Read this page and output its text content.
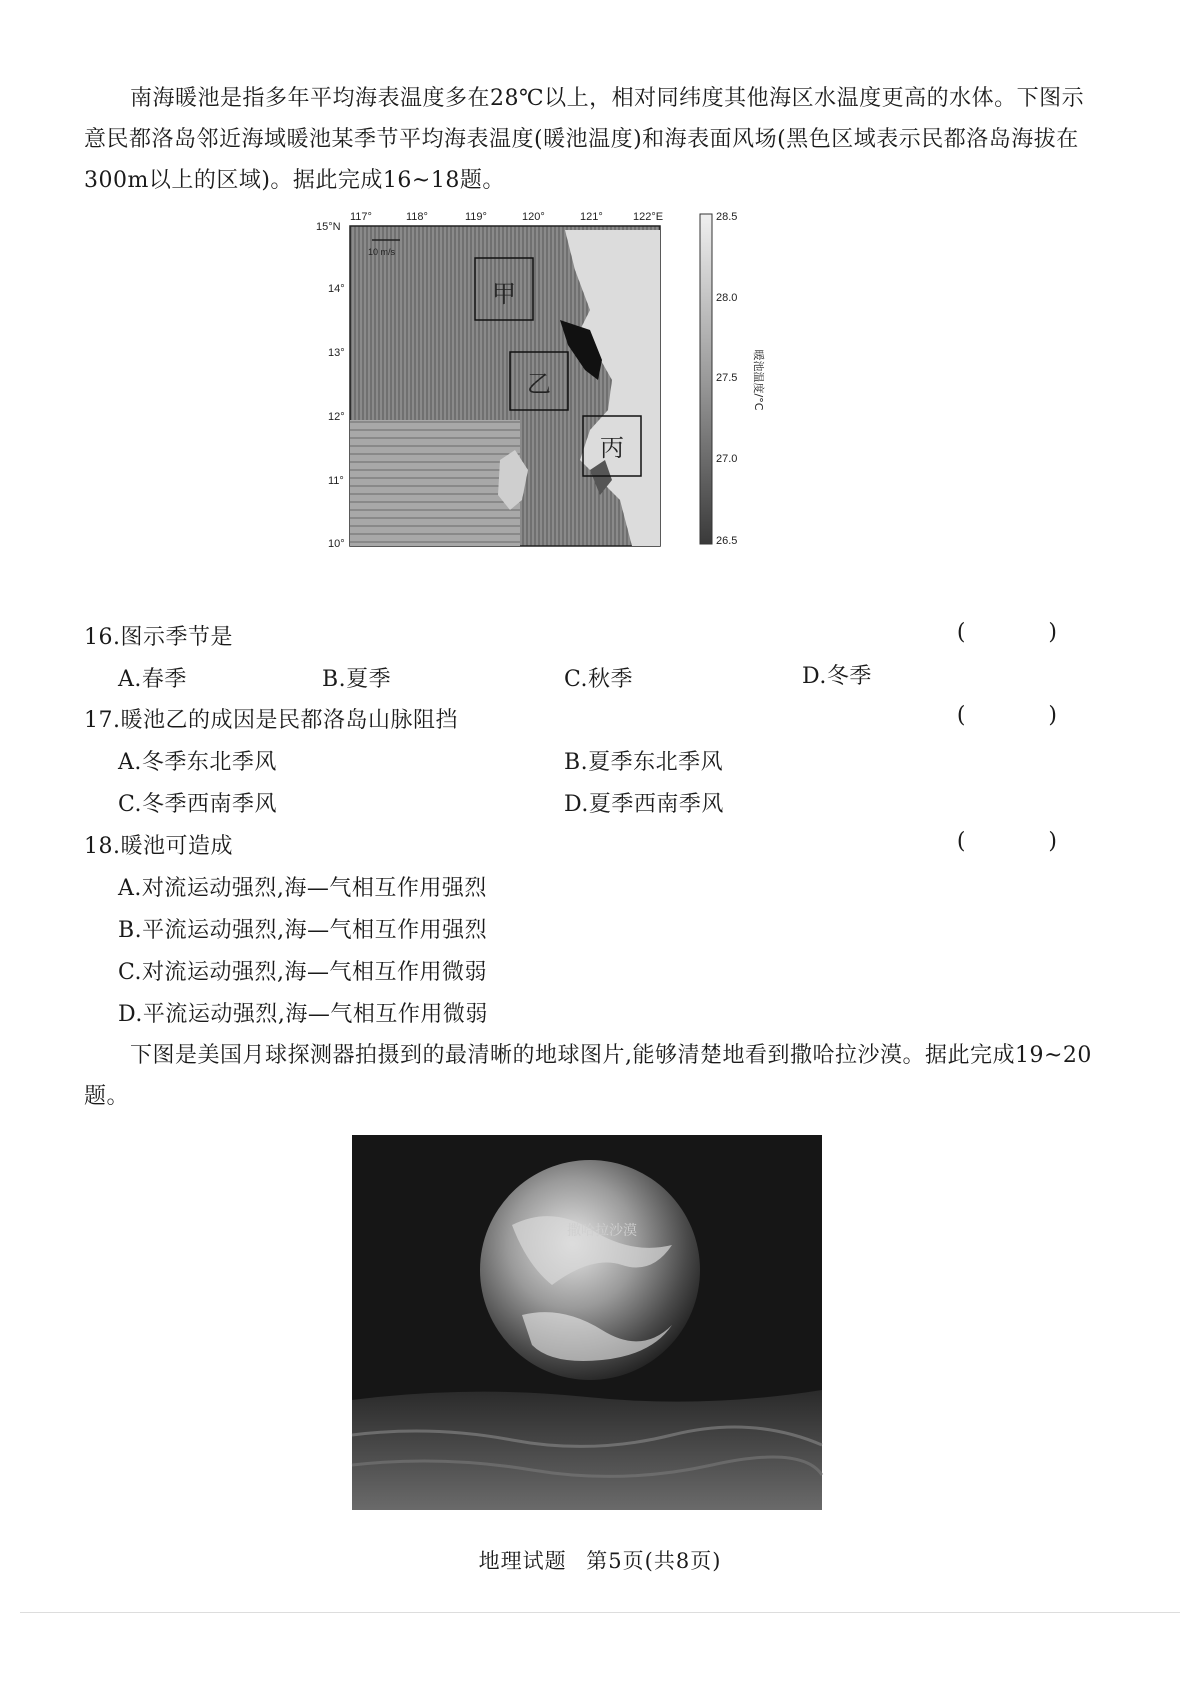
南海暖池是指多年平均海表温度多在28℃以上，相对同纬度其他海区水温度更高的水体。下图示意民都洛岛邻近海域暖池某季节平均海表温度(暖池温度)和海表面风场(黑色区域表示民都洛岛海拔在300m以上的区域)。据此完成16~18题。

117°	118°	119°	120°	121°	122°E
15°N
14°
13°
12°
11°
10°
10 m/s
甲
乙
丙
28.5
28.0
27.5
27.0
26.5
暖池温度/°C
16.图示季节是	( )
A.春季	B.夏季	C.秋季	D.冬季
17.暖池乙的成因是民都洛岛山脉阻挡	( )
A.冬季东北季风	B.夏季东北季风
C.冬季西南季风	D.夏季西南季风
18.暖池可造成	( )
A.对流运动强烈,海—气相互作用强烈
B.平流运动强烈,海—气相互作用强烈
C.对流运动强烈,海—气相互作用微弱
D.平流运动强烈,海—气相互作用微弱

下图是美国月球探测器拍摄到的最清晰的地球图片,能够清楚地看到撒哈拉沙漠。据此完成19~20题。

撒哈拉沙漠
地理试题 第5页(共8页)
